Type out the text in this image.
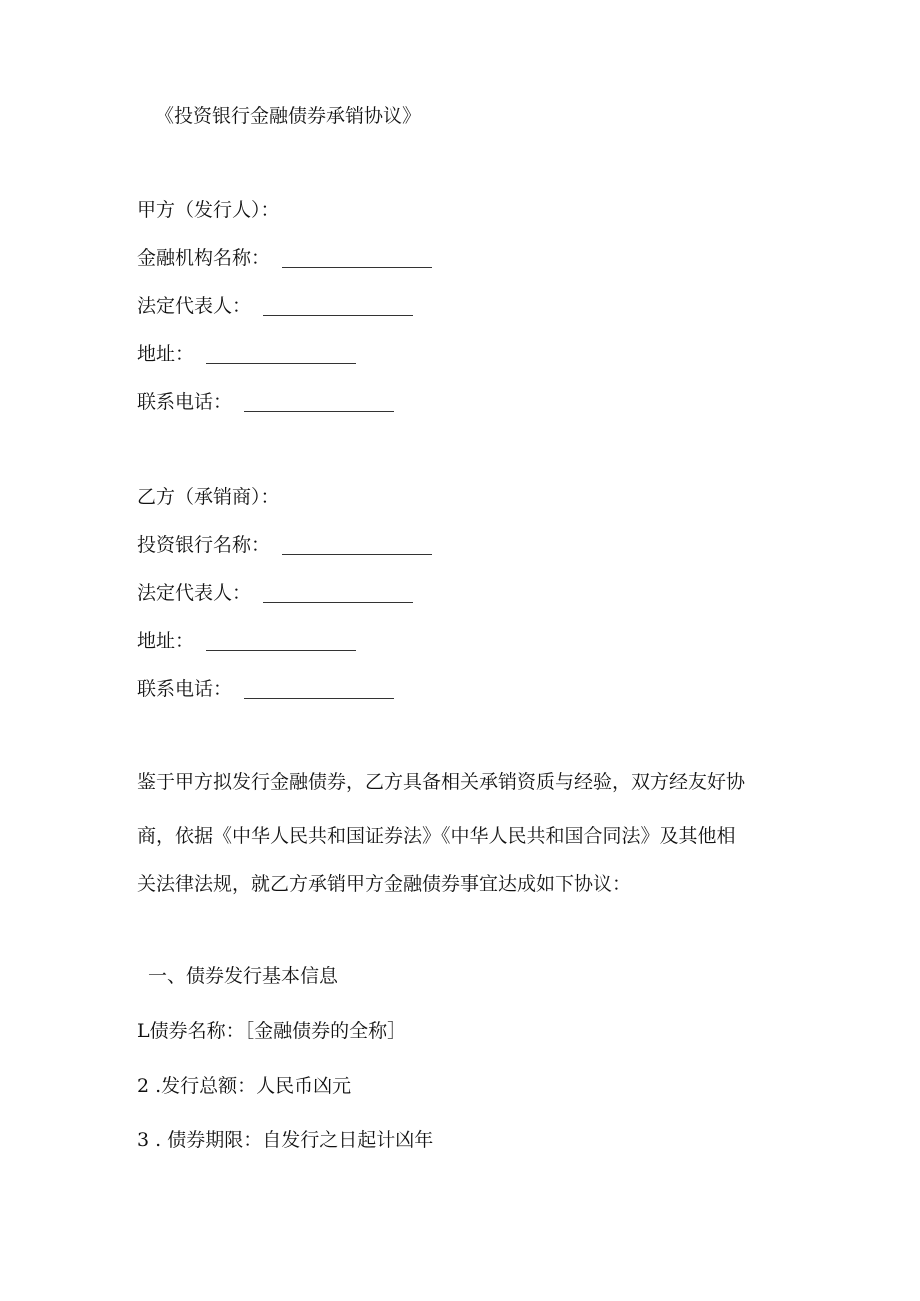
《投资银行金融债券承销协议》
甲方（发行人）：
金融机构名称：
法定代表人：
地址：
联系电话：
乙方（承销商）：
投资银行名称：
法定代表人：
地址：
联系电话：
鉴于甲方拟发行金融债券，乙方具备相关承销资质与经验，双方经友好协
商，依据《中华人民共和国证券法》《中华人民共和国合同法》及其他相
关法律法规，就乙方承销甲方金融债券事宜达成如下协议：
一、债券发行基本信息
L债券名称：［金融债券的全称］
2 .发行总额：人民币凶元
3 . 债券期限：自发行之日起计凶年
